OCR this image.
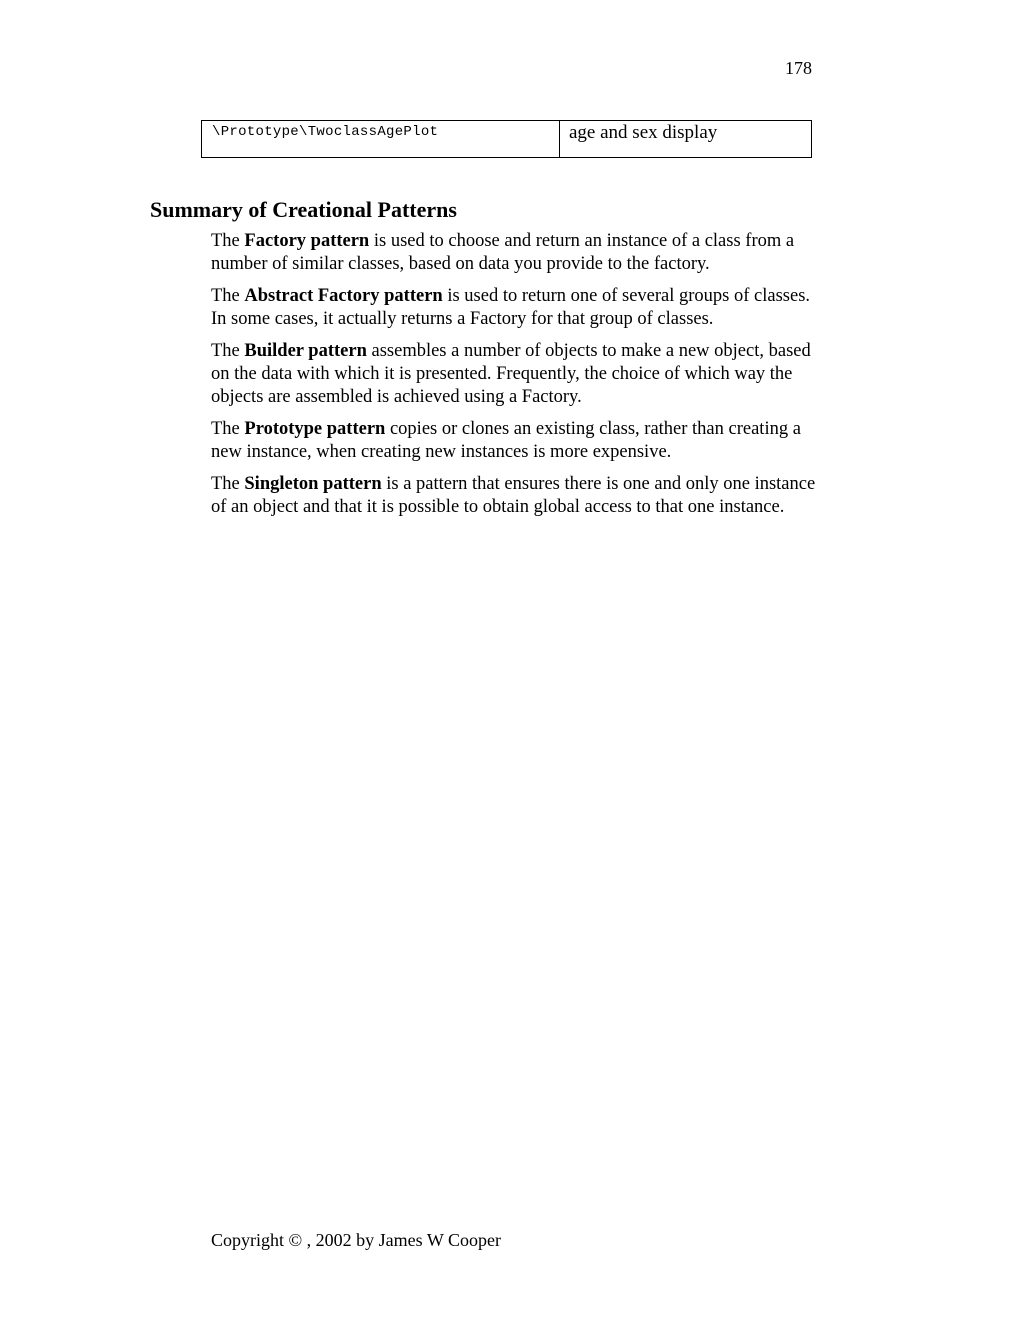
178
\Prototype\TwoclassAgePlot	age and sex display
Summary of Creational Patterns

The Factory pattern is used to choose and return an instance of a class from a number of similar classes, based on data you provide to the factory.

The Abstract Factory pattern is used to return one of several groups of classes. In some cases, it actually returns a Factory for that group of classes.

The Builder pattern assembles a number of objects to make a new object, based on the data with which it is presented. Frequently, the choice of which way the objects are assembled is achieved using a Factory.

The Prototype pattern copies or clones an existing class, rather than creating a new instance, when creating new instances is more expensive.

The Singleton pattern is a pattern that ensures there is one and only one instance of an object and that it is possible to obtain global access to that one instance.

Copyright © , 2002 by James W Cooper
